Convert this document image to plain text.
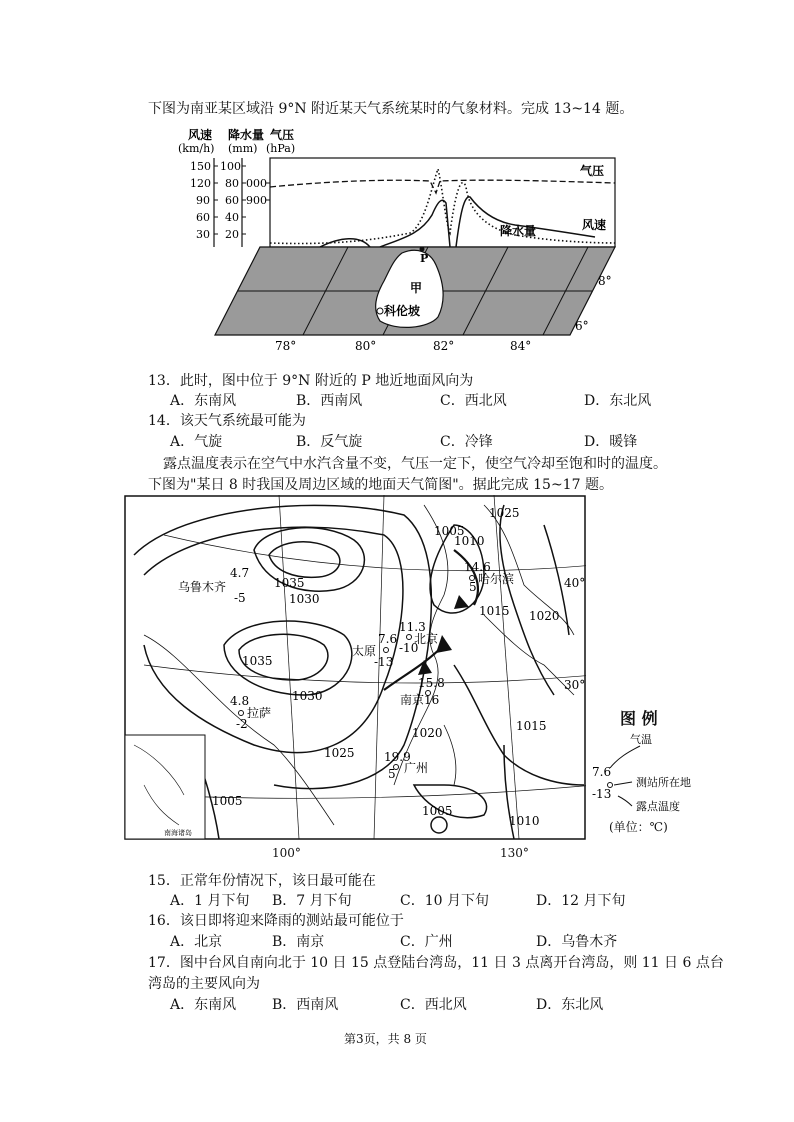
下图为南亚某区域沿 9°N 附近某天气系统某时的气象材料。完成 13~14 题。
风速
(km/h)
降水量
(mm)
气压
(hPa)
150
120
90
60
30
100
80
60
40
20
000
900
气压
风速
降水量
P
甲
科伦坡
78°	80°	82°	84°
8°
6°
13．此时，图中位于 9°N 附近的 P 地近地面风向为
A．东南风	B．西南风	C．西北风	D．东北风
14．该天气系统最可能为
A．气旋	B．反气旋	C．冷锋	D．暖锋
露点温度表示在空气中水汽含量不变，气压一定下，使空气冷却至饱和时的温度。
下图为"某日 8 时我国及周边区域的地面天气简图"。据此完成 15~17 题。
1035
1030
1035
1030
1025
1020	1015
1010
1005
1015 1020
1025
1005
1010
1005
4.7
乌鲁木齐
-5
4.8
拉萨
-2
7.6
太原
-13
11.3
北京
-10
14.6
哈尔滨
5
15.8
南京 16
19.9
广州
5
40°
30°
南海诸岛
100°	130°
图 例
气温
7.6
测站所在地
-13
露点温度
(单位：℃)
15．正常年份情况下，该日最可能在
A．1 月下旬 B．7 月下旬	C．10 月下旬	D．12 月下旬
16．该日即将迎来降雨的测站最可能位于
A．北京	B．南京	C．广州	D．乌鲁木齐
17．图中台风自南向北于 10 日 15 点登陆台湾岛，11 日 3 点离开台湾岛，则 11 日 6 点台
湾岛的主要风向为
A．东南风	B．西南风	C．西北风	D．东北风
第3页，共 8 页
